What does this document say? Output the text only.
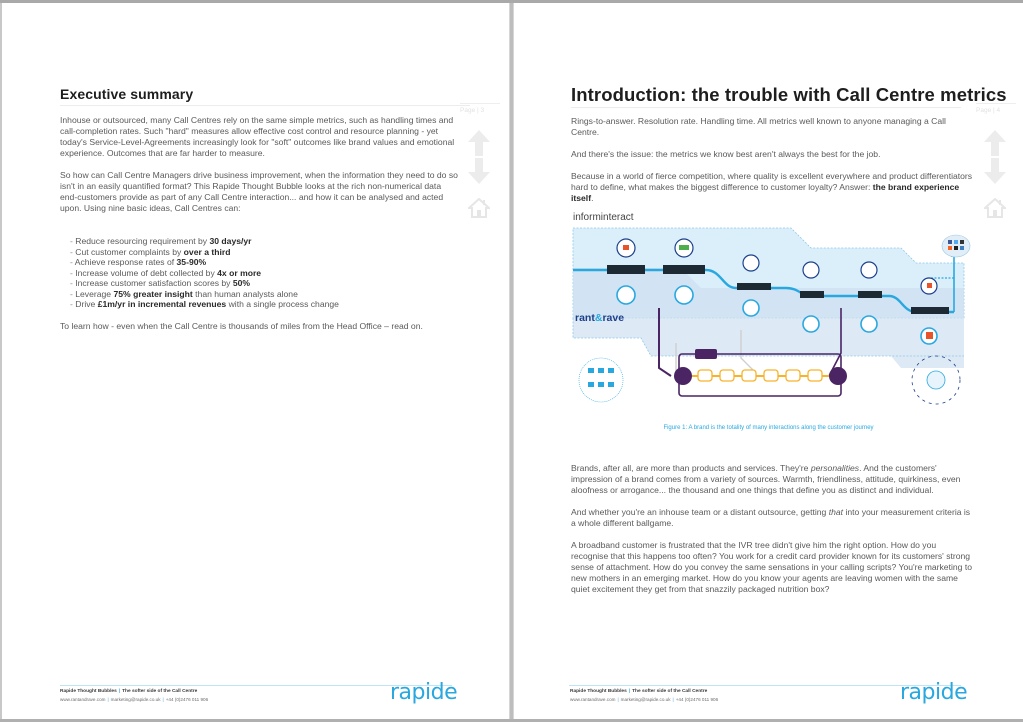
Executive summary

Inhouse or outsourced, many Call Centres rely on the same simple metrics, such as handling times and call-completion rates. Such "hard" measures allow effective cost control and resource planning - yet today's Service-Level-Agreements increasingly look for "soft" outcomes like brand values and emotional experience. Outcomes that are far harder to measure.

So how can Call Centre Managers drive business improvement, when the information they need to do so isn't in an easily quantified format? This Rapide Thought Bubble looks at the rich non-numerical data end-customers provide as part of any Call Centre interaction... and how it can be analysed and acted upon. Using nine basic ideas, Call Centres can:

- Reduce resourcing requirement by 30 days/yr
- Cut customer complaints by over a third
- Achieve response rates of 35-90%
- Increase volume of debt collected by 4x or more
- Increase customer satisfaction scores by 50%
- Leverage 75% greater insight than human analysts alone
- Drive £1m/yr in incremental revenues with a single process change

To learn how - even when the Call Centre is thousands of miles from the Head Office – read on.

Page | 3
Rapide Thought Bubbles | The softer side of the Call Centre
www.rantandrave.com | marketing@rapide.co.uk | +44 (0)2476 011 906	rapide
Introduction: the trouble with Call Centre metrics

Rings-to-answer. Resolution rate. Handling time. All metrics well known to anyone managing a Call Centre.

And there's the issue: the metrics we know best aren't always the best for the job.

Because in a world of fierce competition, where quality is excellent everywhere and product differentiators hard to define, what makes the biggest difference to customer loyalty? Answer: the brand experience itself.

informinteract
rant&rave
Figure 1: A brand is the totality of many interactions along the customer journey

Brands, after all, are more than products and services. They're personalities. And the customers' impression of a brand comes from a variety of sources. Warmth, friendliness, attitude, quirkiness, even aloofness or arrogance... the thousand and one things that define you as distinct and individual.

And whether you're an inhouse team or a distant outsource, getting that into your measurement criteria is a whole different ballgame.

A broadband customer is frustrated that the IVR tree didn't give him the right option. How do you recognise that this happens too often? You work for a credit card provider known for its customers' strong sense of attachment. How do you convey the same sensations in your calling scripts? You're marketing to new mothers in an emerging market. How do you know your agents are leaving women with the same quiet excitement they get from that snazzily packaged nutrition box?

Page | 4
Rapide Thought Bubbles | The softer side of the Call Centre
www.rantandrave.com | marketing@rapide.co.uk | +44 (0)2476 011 906	rapide
